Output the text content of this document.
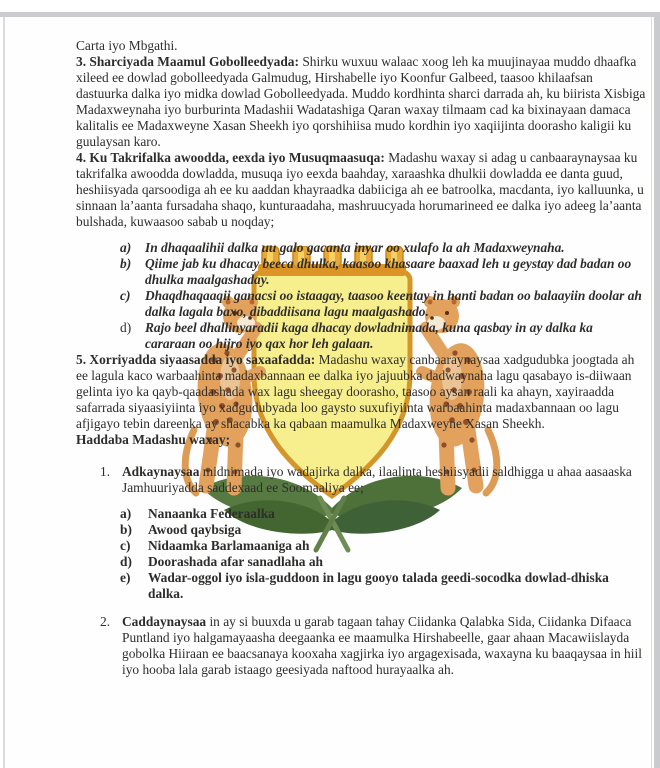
Carta iyo Mbgathi.

3. Sharciyada Maamul Gobolleedyada: Shirku wuxuu walaac xoog leh ka muujinayaa muddo dhaafka xileed ee dowlad gobolleedyada Galmudug, Hirshabelle iyo Koonfur Galbeed, taasoo khilaafsan dastuurka dalka iyo midka dowlad Gobolleedyada. Muddo kordhinta sharci darrada ah, ku biirista Xisbiga Madaxweynaha iyo burburinta Madashii Wadatashiga Qaran waxay tilmaam cad ka bixinayaan damaca kalitalis ee Madaxweyne Xasan Sheekh iyo qorshihiisa mudo kordhin iyo xaqiijinta doorasho kaligii ku guulaysan karo.

4. Ku Takrifalka awoodda, eexda iyo Musuqmaasuqa: Madashu waxay si adag u canbaaraynaysaa ku takrifalka awoodda dowladda, musuqa iyo eexda baahday, xaraashka dhulkii dowladda ee danta guud, heshiisyada qarsoodiga ah ee ku aaddan khayraadka dabiiciga ah ee batroolka, macdanta, iyo kalluunka, u sinnaan la’aanta fursadaha shaqo, kunturaadaha, mashruucyada horumarineed ee dalka iyo adeeg la’aanta bulshada, kuwaasoo sabab u noqday;

a)	In dhaqaalihii dalka uu galo gacanta inyar oo xulafo la ah Madaxweynaha.
b)	Qiime jab ku dhacay beeca dhulka, kaasoo khasaare baaxad leh u geystay dad badan oo dhulka maalgashaday.
c)	Dhaqdhaqaaqii ganacsi oo istaagay, taasoo keentay in hanti badan oo balaayiin doolar ah dalka lagala baxo, dibaddiisana lagu maalgashado.
d)	Rajo beel dhallinyaradii kaga dhacay dowladnimada, kuna qasbay in ay dalka ka cararaan oo hijro iyo qax hor leh galaan.

5. Xorriyadda siyaasadda iyo saxaafadda: Madashu waxay canbaaraynaysaa xadgudubka joogtada ah ee lagula kaco warbaahinta madaxbannaan ee dalka iyo jajuubka dadwaynaha lagu qasabayo is-diiwaan gelinta iyo ka qayb-qaadashada wax lagu sheegay doorasho, taasoo aysan raali ka ahayn, xayiraadda safarrada siyaasiyiinta iyo xadgudubyada loo gaysto suxufiyiinta warbaahinta madaxbannaan oo lagu afjigayo tebin dareenka ay shacabka ka qabaan maamulka Madaxweyne Xasan Sheekh.

Haddaba Madashu waxay;

1. Adkaynaysaa midnimada iyo wadajirka dalka, ilaalinta heshiisyadii saldhigga u ahaa aasaaska Jamhuuriyadda saddexaad ee Soomaaliya ee;
a)	Nanaanka Federaalka
b)	Awood qaybsiga
c)	Nidaamka Barlamaaniga ah
d)	Doorashada afar sanadlaha ah
e)	Wadar-oggol iyo isla-guddoon in lagu gooyo talada geedi-socodka dowlad-dhiska dalka.
2. Caddaynaysaa in ay si buuxda u garab tagaan tahay Ciidanka Qalabka Sida, Ciidanka Difaaca Puntland iyo halgamayaasha deegaanka ee maamulka Hirshabeelle, gaar ahaan Macawiislayda gobolka Hiiraan ee baacsanaya kooxaha xagjirka iyo argagexisada, waxayna ku baaqaysaa in hiil iyo hooba lala garab istaago geesiyada naftood hurayaalka ah.
